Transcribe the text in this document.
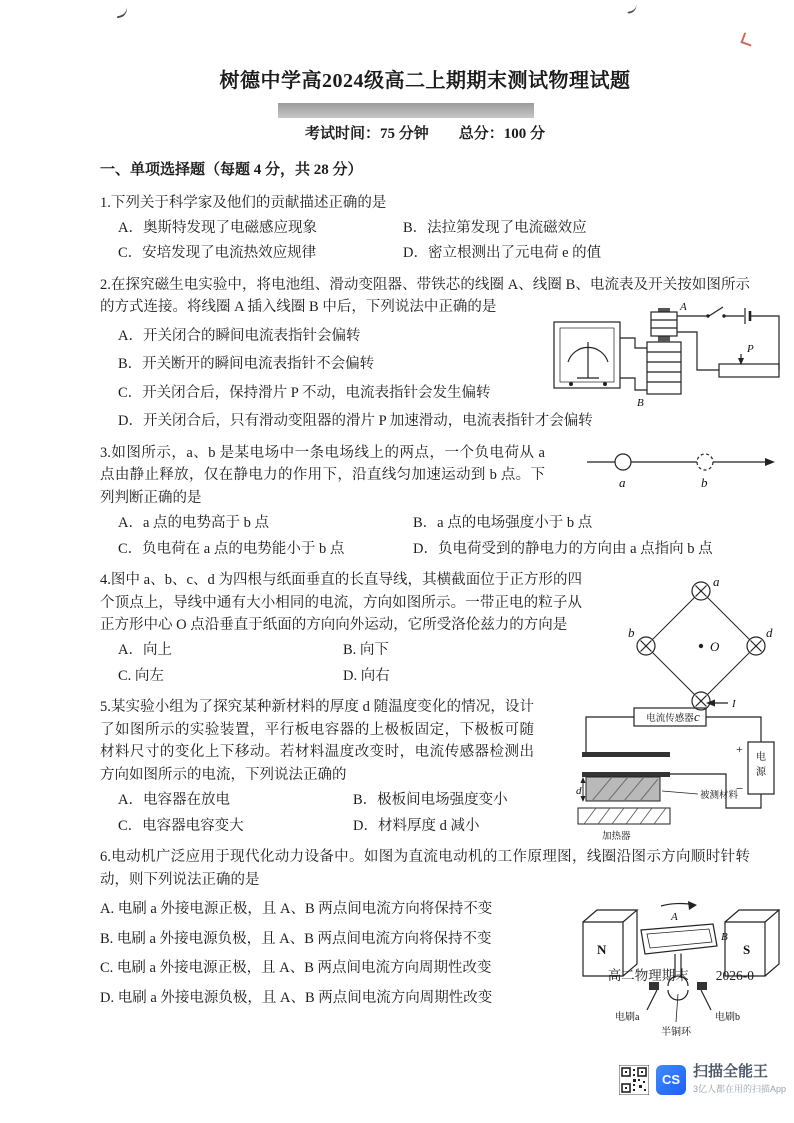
树德中学高2024级高二上期期末测试物理试题
考试时间：75 分钟　　总分：100 分
一、单项选择题（每题 4 分，共 28 分）
1.下列关于科学家及他们的贡献描述正确的是
A．奥斯特发现了电磁感应现象	B．法拉第发现了电流磁效应
C．安培发现了电流热效应规律	D．密立根测出了元电荷 e 的值
2.在探究磁生电实验中，将电池组、滑动变阻器、带铁芯的线圈 A、线圈 B、电流表及开关按如图所示的方式连接。将线圈 A 插入线圈 B 中后，下列说法中正确的是
A．开关闭合的瞬间电流表指针会偏转
B．开关断开的瞬间电流表指针不会偏转
C．开关闭合后，保持滑片 P 不动，电流表指针会发生偏转
D．开关闭合后，只有滑动变阻器的滑片 P 加速滑动，电流表指针才会偏转
A
B
P
3.如图所示，a、b 是某电场中一条电场线上的两点，一个负电荷从 a 点由静止释放，仅在静电力的作用下，沿直线匀加速运动到 b 点。下列判断正确的是
A．a 点的电势高于 b 点	B．a 点的电场强度小于 b 点
C．负电荷在 a 点的电势能小于 b 点	D．负电荷受到的静电力的方向由 a 点指向 b 点
a	b
4.图中 a、b、c、d 为四根与纸面垂直的长直导线，其横截面位于正方形的四个顶点上，导线中通有大小相同的电流，方向如图所示。一带正电的粒子从正方形中心 O 点沿垂直于纸面的方向向外运动，它所受洛伦兹力的方向是
A．向上	B. 向下
C. 向左	D. 向右
a
b
c
d
O
5.某实验小组为了探究某种新材料的厚度 d 随温度变化的情况，设计了如图所示的实验装置，平行板电容器的上极板固定，下极板可随材料尺寸的变化上下移动。若材料温度改变时，电流传感器检测出方向如图所示的电流，下列说法正确的
A．电容器在放电	B．极板间电场强度变小
C．电容器电容变大	D．材料厚度 d 减小
I
电流传感器
电
源
+
−
被测材料
加热器
d
6.电动机广泛应用于现代化动力设备中。如图为直流电动机的工作原理图，线圈沿图示方向顺时针转动，则下列说法正确的是
A. 电刷 a 外接电源正极，且 A、B 两点间电流方向将保持不变
B. 电刷 a 外接电源负极，且 A、B 两点间电流方向将保持不变
C. 电刷 a 外接电源正极，且 A、B 两点间电流方向周期性改变
D. 电刷 a 外接电源负极，且 A、B 两点间电流方向周期性改变
N	S
A
B
电刷a	电刷b
半铜环
高二物理期末　　2026-0
CS 扫描全能王
3亿人都在用的扫描App
